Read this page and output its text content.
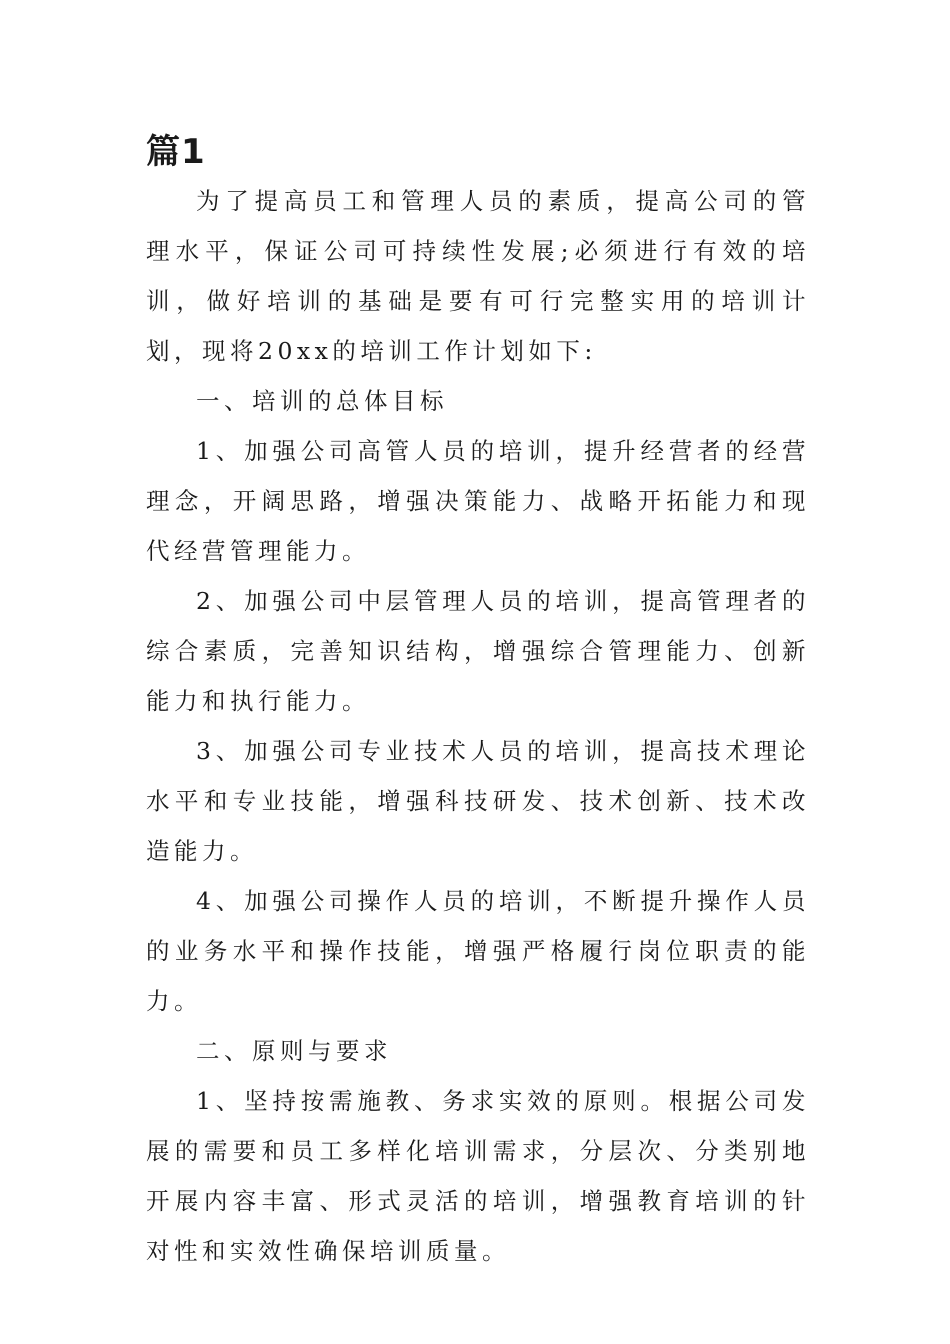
篇1

为了提高员工和管理人员的素质，提高公司的管理水平，保证公司可持续性发展;必须进行有效的培训，做好培训的基础是要有可行完整实用的培训计划，现将20xx的培训工作计划如下:

一、培训的总体目标

1、加强公司高管人员的培训，提升经营者的经营理念，开阔思路，增强决策能力、战略开拓能力和现代经营管理能力。

2、加强公司中层管理人员的培训，提高管理者的综合素质，完善知识结构，增强综合管理能力、创新能力和执行能力。

3、加强公司专业技术人员的培训，提高技术理论水平和专业技能，增强科技研发、技术创新、技术改造能力。

4、加强公司操作人员的培训，不断提升操作人员的业务水平和操作技能，增强严格履行岗位职责的能力。

二、原则与要求

1、坚持按需施教、务求实效的原则。根据公司发展的需要和员工多样化培训需求，分层次、分类别地开展内容丰富、形式灵活的培训，增强教育培训的针对性和实效性确保培训质量。
